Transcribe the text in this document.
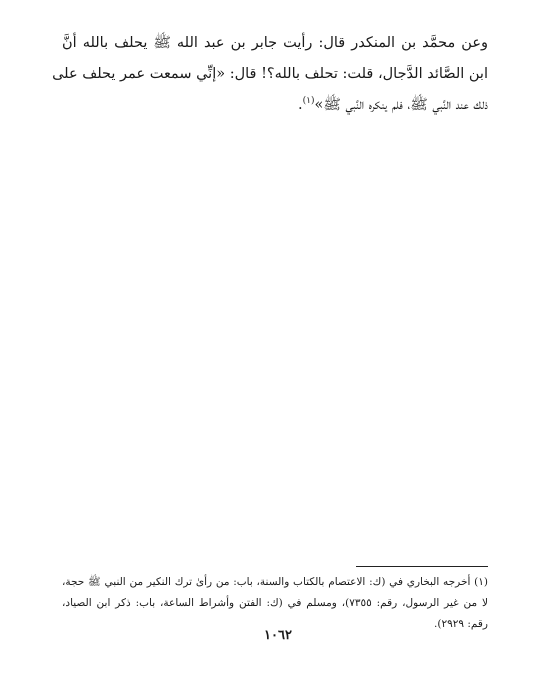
وعن محمَّد بن المنكدر قال: رأيت جابر بن عبد الله ﷺ يحلف بالله أنَّ
ابن الصَّائد الدَّجال، قلت: تحلف بالله؟! قال: «إنِّي سمعت عمر يحلف على
ذلك عند النَّبي ﷺ، فلم ينكره النَّبي ﷺ»$^{(١)}$.

(١) أخرجه البخاري في (ك: الاعتصام بالكتاب والسنة، باب: من رأىٰ ترك النكير من النبي ﷺ حجة،
لا من غير الرسول، رقم: ٧٣٥٥)، ومسلم في (ك: الفتن وأشراط الساعة، باب: ذكر ابن الصياد،
رقم: ٢٩٢٩).
١٠٦٢
